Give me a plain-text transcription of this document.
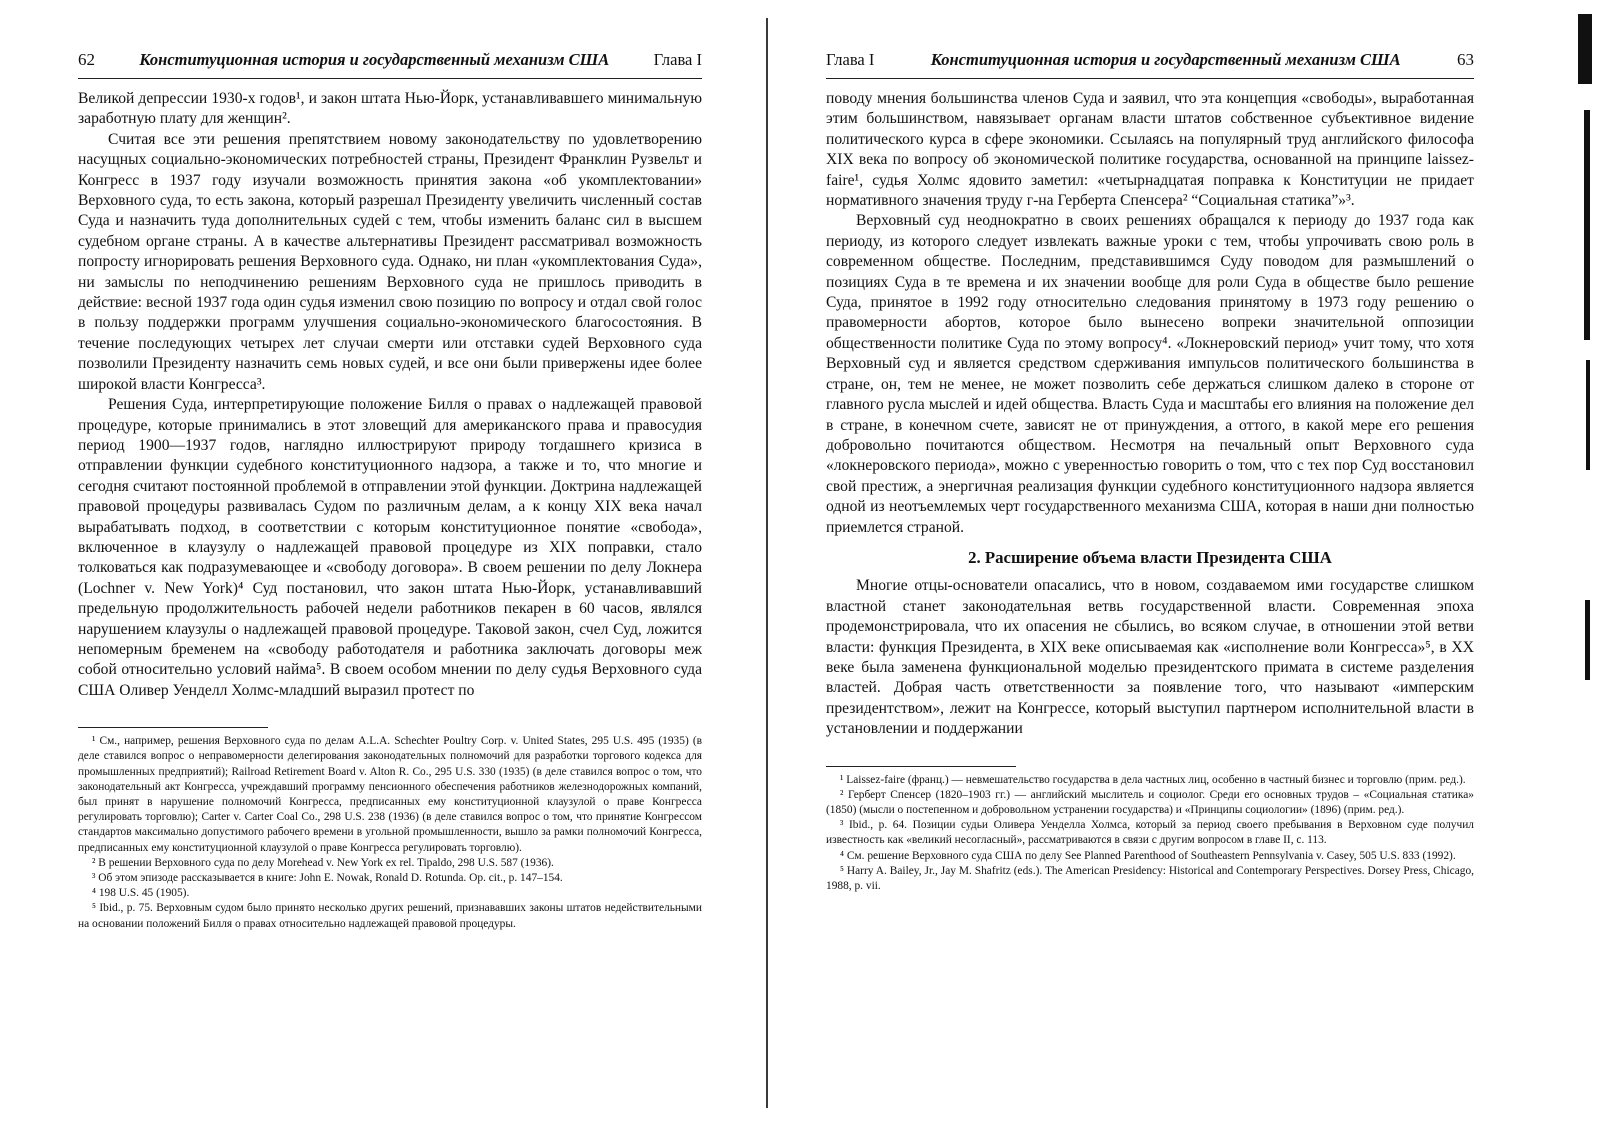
62	Конституционная история и государственный механизм США	Глава I

Великой депрессии 1930-х годов¹, и закон штата Нью-Йорк, устанавливавшего минимальную заработную плату для женщин².

Считая все эти решения препятствием новому законодательству по удовлетворению насущных социально-экономических потребностей страны, Президент Франклин Рузвельт и Конгресс в 1937 году изучали возможность принятия закона «об укомплектовании» Верховного суда, то есть закона, который разрешал Президенту увеличить численный состав Суда и назначить туда дополнительных судей с тем, чтобы изменить баланс сил в высшем судебном органе страны. А в качестве альтернативы Президент рассматривал возможность попросту игнорировать решения Верховного суда. Однако, ни план «укомплектования Суда», ни замыслы по неподчинению решениям Верховного суда не пришлось приводить в действие: весной 1937 года один судья изменил свою позицию по вопросу и отдал свой голос в пользу поддержки программ улучшения социально-экономического благосостояния. В течение последующих четырех лет случаи смерти или отставки судей Верховного суда позволили Президенту назначить семь новых судей, и все они были привержены идее более широкой власти Конгресса³.

Решения Суда, интерпретирующие положение Билля о правах о надлежащей правовой процедуре, которые принимались в этот зловещий для американского права и правосудия период 1900—1937 годов, наглядно иллюстрируют природу тогдашнего кризиса в отправлении функции судебного конституционного надзора, а также и то, что многие и сегодня считают постоянной проблемой в отправлении этой функции. Доктрина надлежащей правовой процедуры развивалась Судом по различным делам, а к концу XIX века начал вырабатывать подход, в соответствии с которым конституционное понятие «свобода», включенное в клаузулу о надлежащей правовой процедуре из XIX поправки, стало толковаться как подразумевающее и «свободу договора». В своем решении по делу Локнера (Lochner v. New York)⁴ Суд постановил, что закон штата Нью-Йорк, устанавливавший предельную продолжительность рабочей недели работников пекарен в 60 часов, являлся нарушением клаузулы о надлежащей правовой процедуре. Таковой закон, счел Суд, ложится непомерным бременем на «свободу работодателя и работника заключать договоры меж собой относительно условий найма⁵. В своем особом мнении по делу судья Верховного суда США Оливер Уенделл Холмс-младший выразил протест по

¹ См., например, решения Верховного суда по делам A.L.A. Schechter Poultry Corp. v. United States, 295 U.S. 495 (1935) (в деле ставился вопрос о неправомерности делегирования законодательных полномочий для разработки торгового кодекса для промышленных предприятий); Railroad Retirement Board v. Alton R. Co., 295 U.S. 330 (1935) (в деле ставился вопрос о том, что законодательный акт Конгресса, учреждавший программу пенсионного обеспечения работников железнодорожных компаний, был принят в нарушение полномочий Конгресса, предписанных ему конституционной клаузулой о праве Конгресса регулировать торговлю); Carter v. Carter Coal Co., 298 U.S. 238 (1936) (в деле ставился вопрос о том, что принятие Конгрессом стандартов максимально допустимого рабочего времени в угольной промышленности, вышло за рамки полномочий Конгресса, предписанных ему конституционной клаузулой о праве Конгресса регулировать торговлю).

² В решении Верховного суда по делу Morehead v. New York ex rel. Tipaldo, 298 U.S. 587 (1936).

³ Об этом эпизоде рассказывается в книге: John E. Nowak, Ronald D. Rotunda. Op. cit., p. 147–154.

⁴ 198 U.S. 45 (1905).

⁵ Ibid., p. 75. Верховным судом было принято несколько других решений, признававших законы штатов недействительными на основании положений Билля о правах относительно надлежащей правовой процедуры.

Глава I	Конституционная история и государственный механизм США	63

поводу мнения большинства членов Суда и заявил, что эта концепция «свободы», выработанная этим большинством, навязывает органам власти штатов собственное субъективное видение политического курса в сфере экономики. Ссылаясь на популярный труд английского философа XIX века по вопросу об экономической политике государства, основанной на принципе laissez-faire¹, судья Холмс ядовито заметил: «четырнадцатая поправка к Конституции не придает нормативного значения труду г-на Герберта Спенсера² “Социальная статика”»³.

Верховный суд неоднократно в своих решениях обращался к периоду до 1937 года как периоду, из которого следует извлекать важные уроки с тем, чтобы упрочивать свою роль в современном обществе. Последним, представившимся Суду поводом для размышлений о позициях Суда в те времена и их значении вообще для роли Суда в обществе было решение Суда, принятое в 1992 году относительно следования принятому в 1973 году решению о правомерности абортов, которое было вынесено вопреки значительной оппозиции общественности политике Суда по этому вопросу⁴. «Локнеровский период» учит тому, что хотя Верховный суд и является средством сдерживания импульсов политического большинства в стране, он, тем не менее, не может позволить себе держаться слишком далеко в стороне от главного русла мыслей и идей общества. Власть Суда и масштабы его влияния на положение дел в стране, в конечном счете, зависят не от принуждения, а оттого, в какой мере его решения добровольно почитаются обществом. Несмотря на печальный опыт Верховного суда «локнеровского периода», можно с уверенностью говорить о том, что с тех пор Суд восстановил свой престиж, а энергичная реализация функции судебного конституционного надзора является одной из неотъемлемых черт государственного механизма США, которая в наши дни полностью приемлется страной.

2. Расширение объема власти Президента США

Многие отцы-основатели опасались, что в новом, создаваемом ими государстве слишком властной станет законодательная ветвь государственной власти. Современная эпоха продемонстрировала, что их опасения не сбылись, во всяком случае, в отношении этой ветви власти: функция Президента, в XIX веке описываемая как «исполнение воли Конгресса»⁵, в XX веке была заменена функциональной моделью президентского примата в системе разделения властей. Добрая часть ответственности за появление того, что называют «имперским президентством», лежит на Конгрессе, который выступил партнером исполнительной власти в установлении и поддержании

¹ Laissez-faire (франц.) — невмешательство государства в дела частных лиц, особенно в частный бизнес и торговлю (прим. ред.).

² Герберт Спенсер (1820–1903 гг.) — английский мыслитель и социолог. Среди его основных трудов – «Социальная статика» (1850) (мысли о постепенном и добровольном устранении государства) и «Принципы социологии» (1896) (прим. ред.).

³ Ibid., p. 64. Позиции судьи Оливера Уенделла Холмса, который за период своего пребывания в Верховном суде получил известность как «великий несогласный», рассматриваются в связи с другим вопросом в главе II, с. 113.

⁴ См. решение Верховного суда США по делу See Planned Parenthood of Southeastern Pennsylvania v. Casey, 505 U.S. 833 (1992).

⁵ Harry A. Bailey, Jr., Jay M. Shafritz (eds.). The American Presidency: Historical and Contemporary Perspectives. Dorsey Press, Chicago, 1988, p. vii.
